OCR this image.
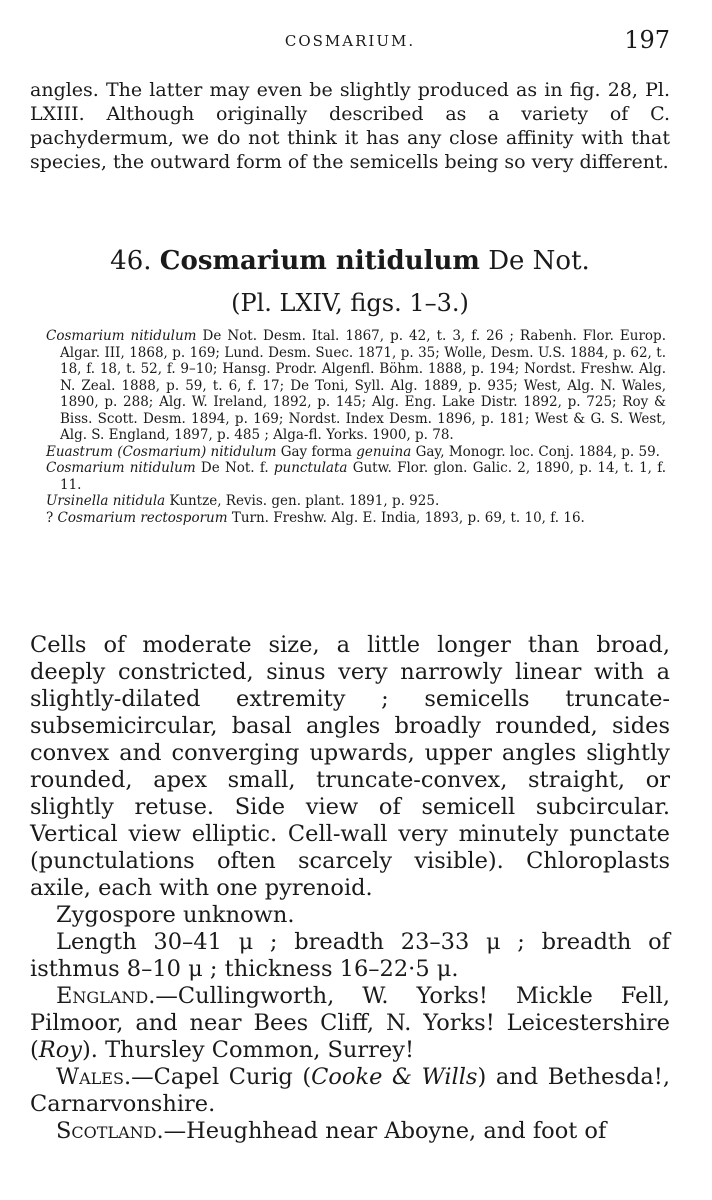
COSMARIUM.	197

angles. The latter may even be slightly produced as in fig. 28, Pl. LXIII. Although originally described as a variety of C. pachydermum, we do not think it has any close affinity with that species, the outward form of the semicells being so very different.

46. Cosmarium nitidulum De Not.
(Pl. LXIV, figs. 1–3.)

Cosmarium nitidulum De Not. Desm. Ital. 1867, p. 42, t. 3, f. 26 ; Rabenh. Flor. Europ. Algar. III, 1868, p. 169; Lund. Desm. Suec. 1871, p. 35; Wolle, Desm. U.S. 1884, p. 62, t. 18, f. 18, t. 52, f. 9–10; Hansg. Prodr. Algenfl. Böhm. 1888, p. 194; Nordst. Freshw. Alg. N. Zeal. 1888, p. 59, t. 6, f. 17; De Toni, Syll. Alg. 1889, p. 935; West, Alg. N. Wales, 1890, p. 288; Alg. W. Ireland, 1892, p. 145; Alg. Eng. Lake Distr. 1892, p. 725; Roy & Biss. Scott. Desm. 1894, p. 169; Nordst. Index Desm. 1896, p. 181; West & G. S. West, Alg. S. England, 1897, p. 485 ; Alga-fl. Yorks. 1900, p. 78.

Euastrum (Cosmarium) nitidulum Gay forma genuina Gay, Monogr. loc. Conj. 1884, p. 59.

Cosmarium nitidulum De Not. f. punctulata Gutw. Flor. glon. Galic. 2, 1890, p. 14, t. 1, f. 11.

Ursinella nitidula Kuntze, Revis. gen. plant. 1891, p. 925.

? Cosmarium rectosporum Turn. Freshw. Alg. E. India, 1893, p. 69, t. 10, f. 16.

Cells of moderate size, a little longer than broad, deeply constricted, sinus very narrowly linear with a slightly-dilated extremity ; semicells truncate-subsemicircular, basal angles broadly rounded, sides convex and converging upwards, upper angles slightly rounded, apex small, truncate-convex, straight, or slightly retuse. Side view of semicell subcircular. Vertical view elliptic. Cell-wall very minutely punctate (punctulations often scarcely visible). Chloroplasts axile, each with one pyrenoid.

Zygospore unknown.

Length 30–41 μ ; breadth 23–33 μ ; breadth of isthmus 8–10 μ ; thickness 16–22·5 μ.

England.—Cullingworth, W. Yorks! Mickle Fell, Pilmoor, and near Bees Cliff, N. Yorks! Leicestershire (Roy). Thursley Common, Surrey!

Wales.—Capel Curig (Cooke & Wills) and Bethesda!, Carnarvonshire.

Scotland.—Heughhead near Aboyne, and foot of
